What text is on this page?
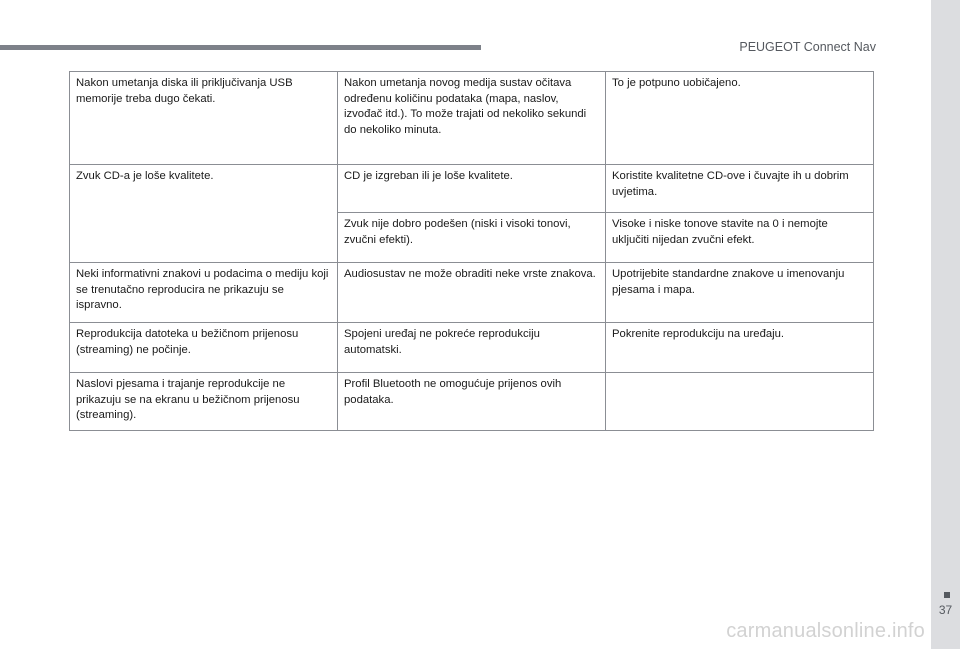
PEUGEOT Connect Nav
37
Nakon umetanja diska ili priključivanja USB memorije treba dugo čekati.	Nakon umetanja novog medija sustav očitava određenu količinu podataka (mapa, naslov, izvođač itd.). To može trajati od nekoliko sekundi do nekoliko minuta.	To je potpuno uobičajeno.
Zvuk CD-a je loše kvalitete.	CD je izgreban ili je loše kvalitete.	Koristite kvalitetne CD-ove i čuvajte ih u dobrim uvjetima.
	Zvuk nije dobro podešen (niski i visoki tonovi, zvučni efekti).	Visoke i niske tonove stavite na 0 i nemojte uključiti nijedan zvučni efekt.
Neki informativni znakovi u podacima o mediju koji se trenutačno reproducira ne prikazuju se ispravno.	Audiosustav ne može obraditi neke vrste znakova.	Upotrijebite standardne znakove u imenovanju pjesama i mapa.
Reprodukcija datoteka u bežičnom prijenosu (streaming) ne počinje.	Spojeni uređaj ne pokreće reprodukciju automatski.	Pokrenite reprodukciju na uređaju.
Naslovi pjesama i trajanje reprodukcije ne prikazuju se na ekranu u bežičnom prijenosu (streaming).	Profil Bluetooth ne omogućuje prijenos ovih podataka.	
carmanualsonline.info
